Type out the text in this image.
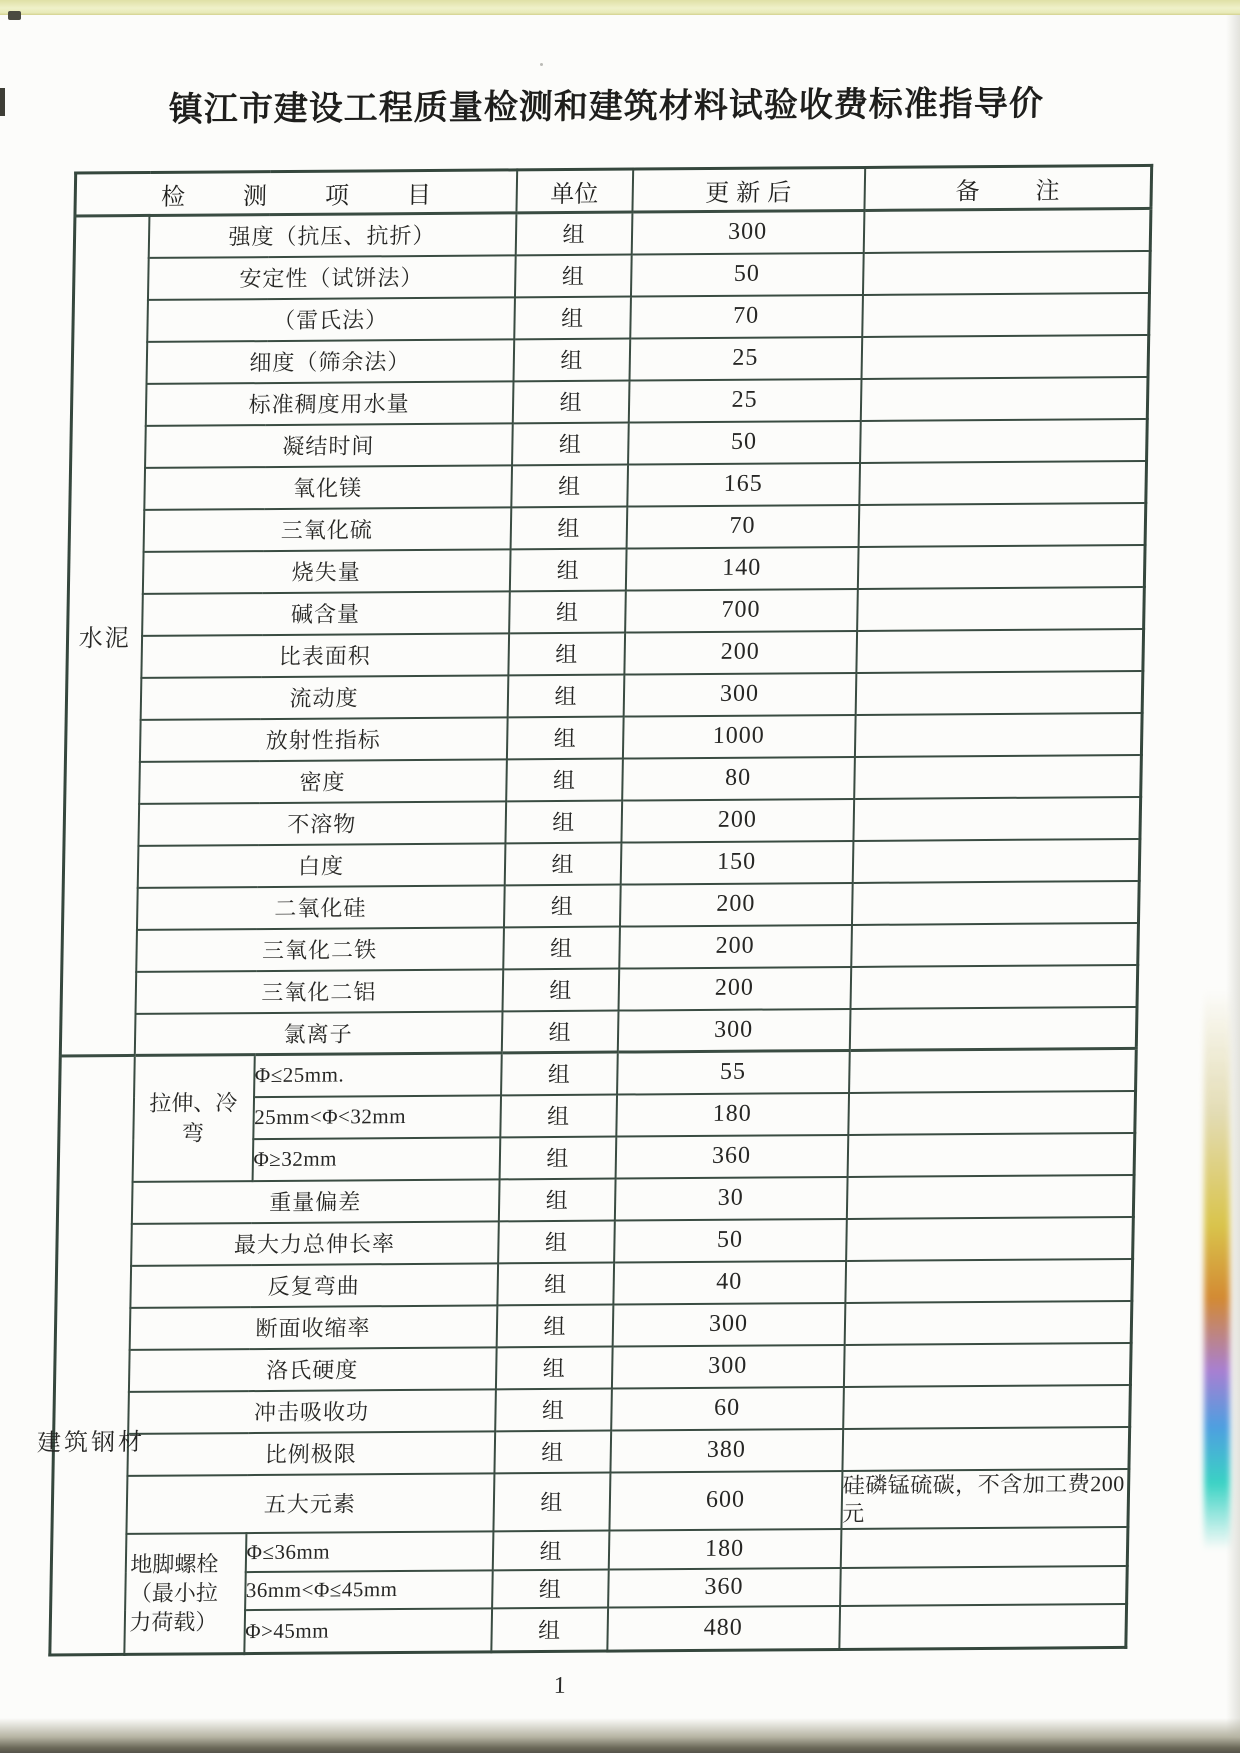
镇江市建设工程质量检测和建筑材料试验收费标准指导价
检测项目			单位	更新后	备注
水泥	强度（抗压、抗折）		组	300	
	安定性（试饼法）		组	50	
	（雷氏法）		组	70	
	细度（筛余法）		组	25	
	标准稠度用水量		组	25	
	凝结时间		组	50	
	氧化镁		组	165	
	三氧化硫		组	70	
	烧失量		组	140	
	碱含量		组	700	
	比表面积		组	200	
	流动度		组	300	
	放射性指标		组	1000	
	密度		组	80	
	不溶物		组	200	
	白度		组	150	
	二氧化硅		组	200	
	三氧化二铁		组	200	
	三氧化二铝		组	200	
	氯离子		组	300	

建筑钢材	拉伸、冷弯	Φ≤25mm.	组	55	
		25mm<Φ<32mm	组	180	
		Φ≥32mm	组	360	
	重量偏差		组	30	
	最大力总伸长率		组	50	
	反复弯曲		组	40	
	断面收缩率		组	300	
	洛氏硬度		组	300	
	冲击吸收功		组	60	
	比例极限		组	380	
	五大元素		组	600	硅磷锰硫碳，不含加工费200元

	地脚螺栓（最小拉力荷载）	Φ≤36mm	组	180	
		36mm<Φ≤45mm	组	360	
		Φ>45mm	组	480	
1
